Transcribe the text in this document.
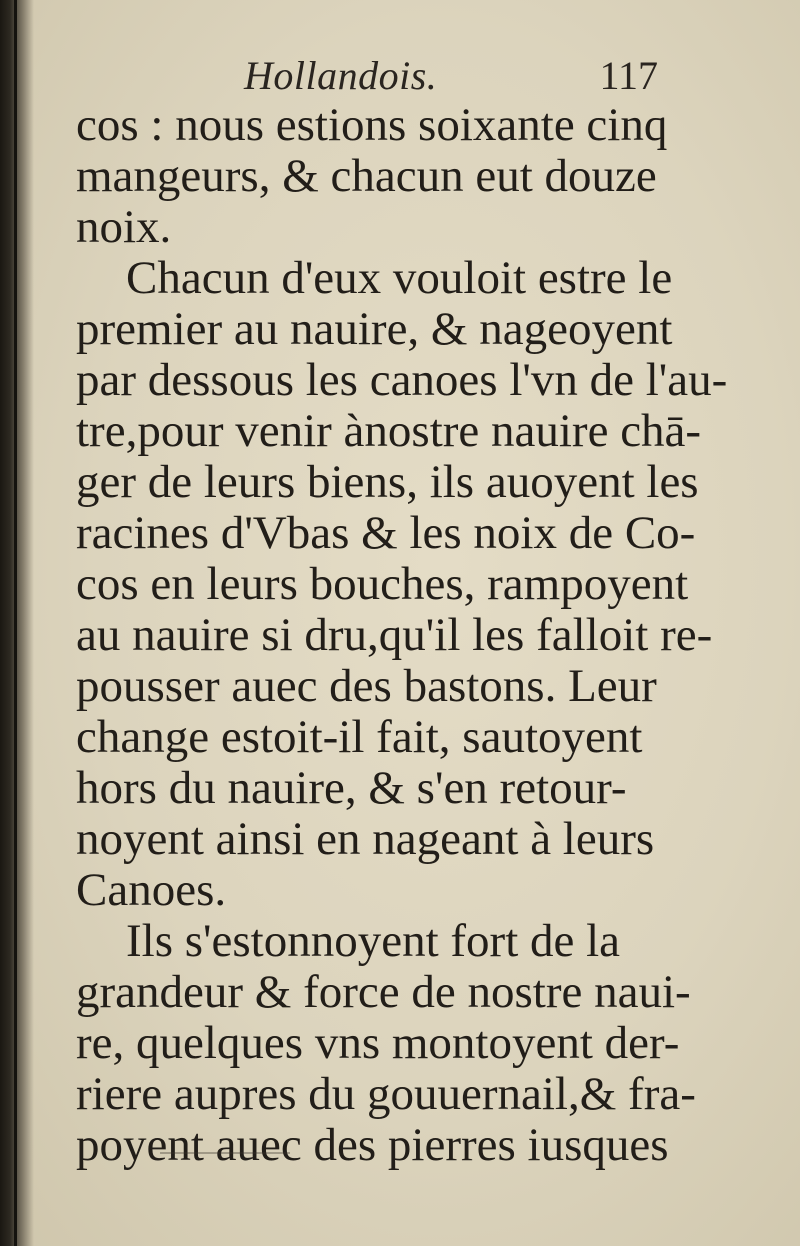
Hollandois.	117
cos : nous estions soixante cinq
mangeurs, & chacun eut douze
noix.
Chacun d'eux vouloit estre le
premier au nauire, & nageoyent
par dessous les canoes l'vn de l'au-
tre,pour venir ànostre nauire chā-
ger de leurs biens, ils auoyent les
racines d'Vbas & les noix de Co-
cos en leurs bouches, rampoyent
au nauire si dru,qu'il les falloit re-
pousser auec des bastons. Leur
change estoit-il fait, sautoyent
hors du nauire, & s'en retour-
noyent ainsi en nageant à leurs
Canoes.
Ils s'estonnoyent fort de la
grandeur & force de nostre naui-
re, quelques vns montoyent der-
riere aupres du gouuernail,& fra-
poyent auec des pierres iusques
